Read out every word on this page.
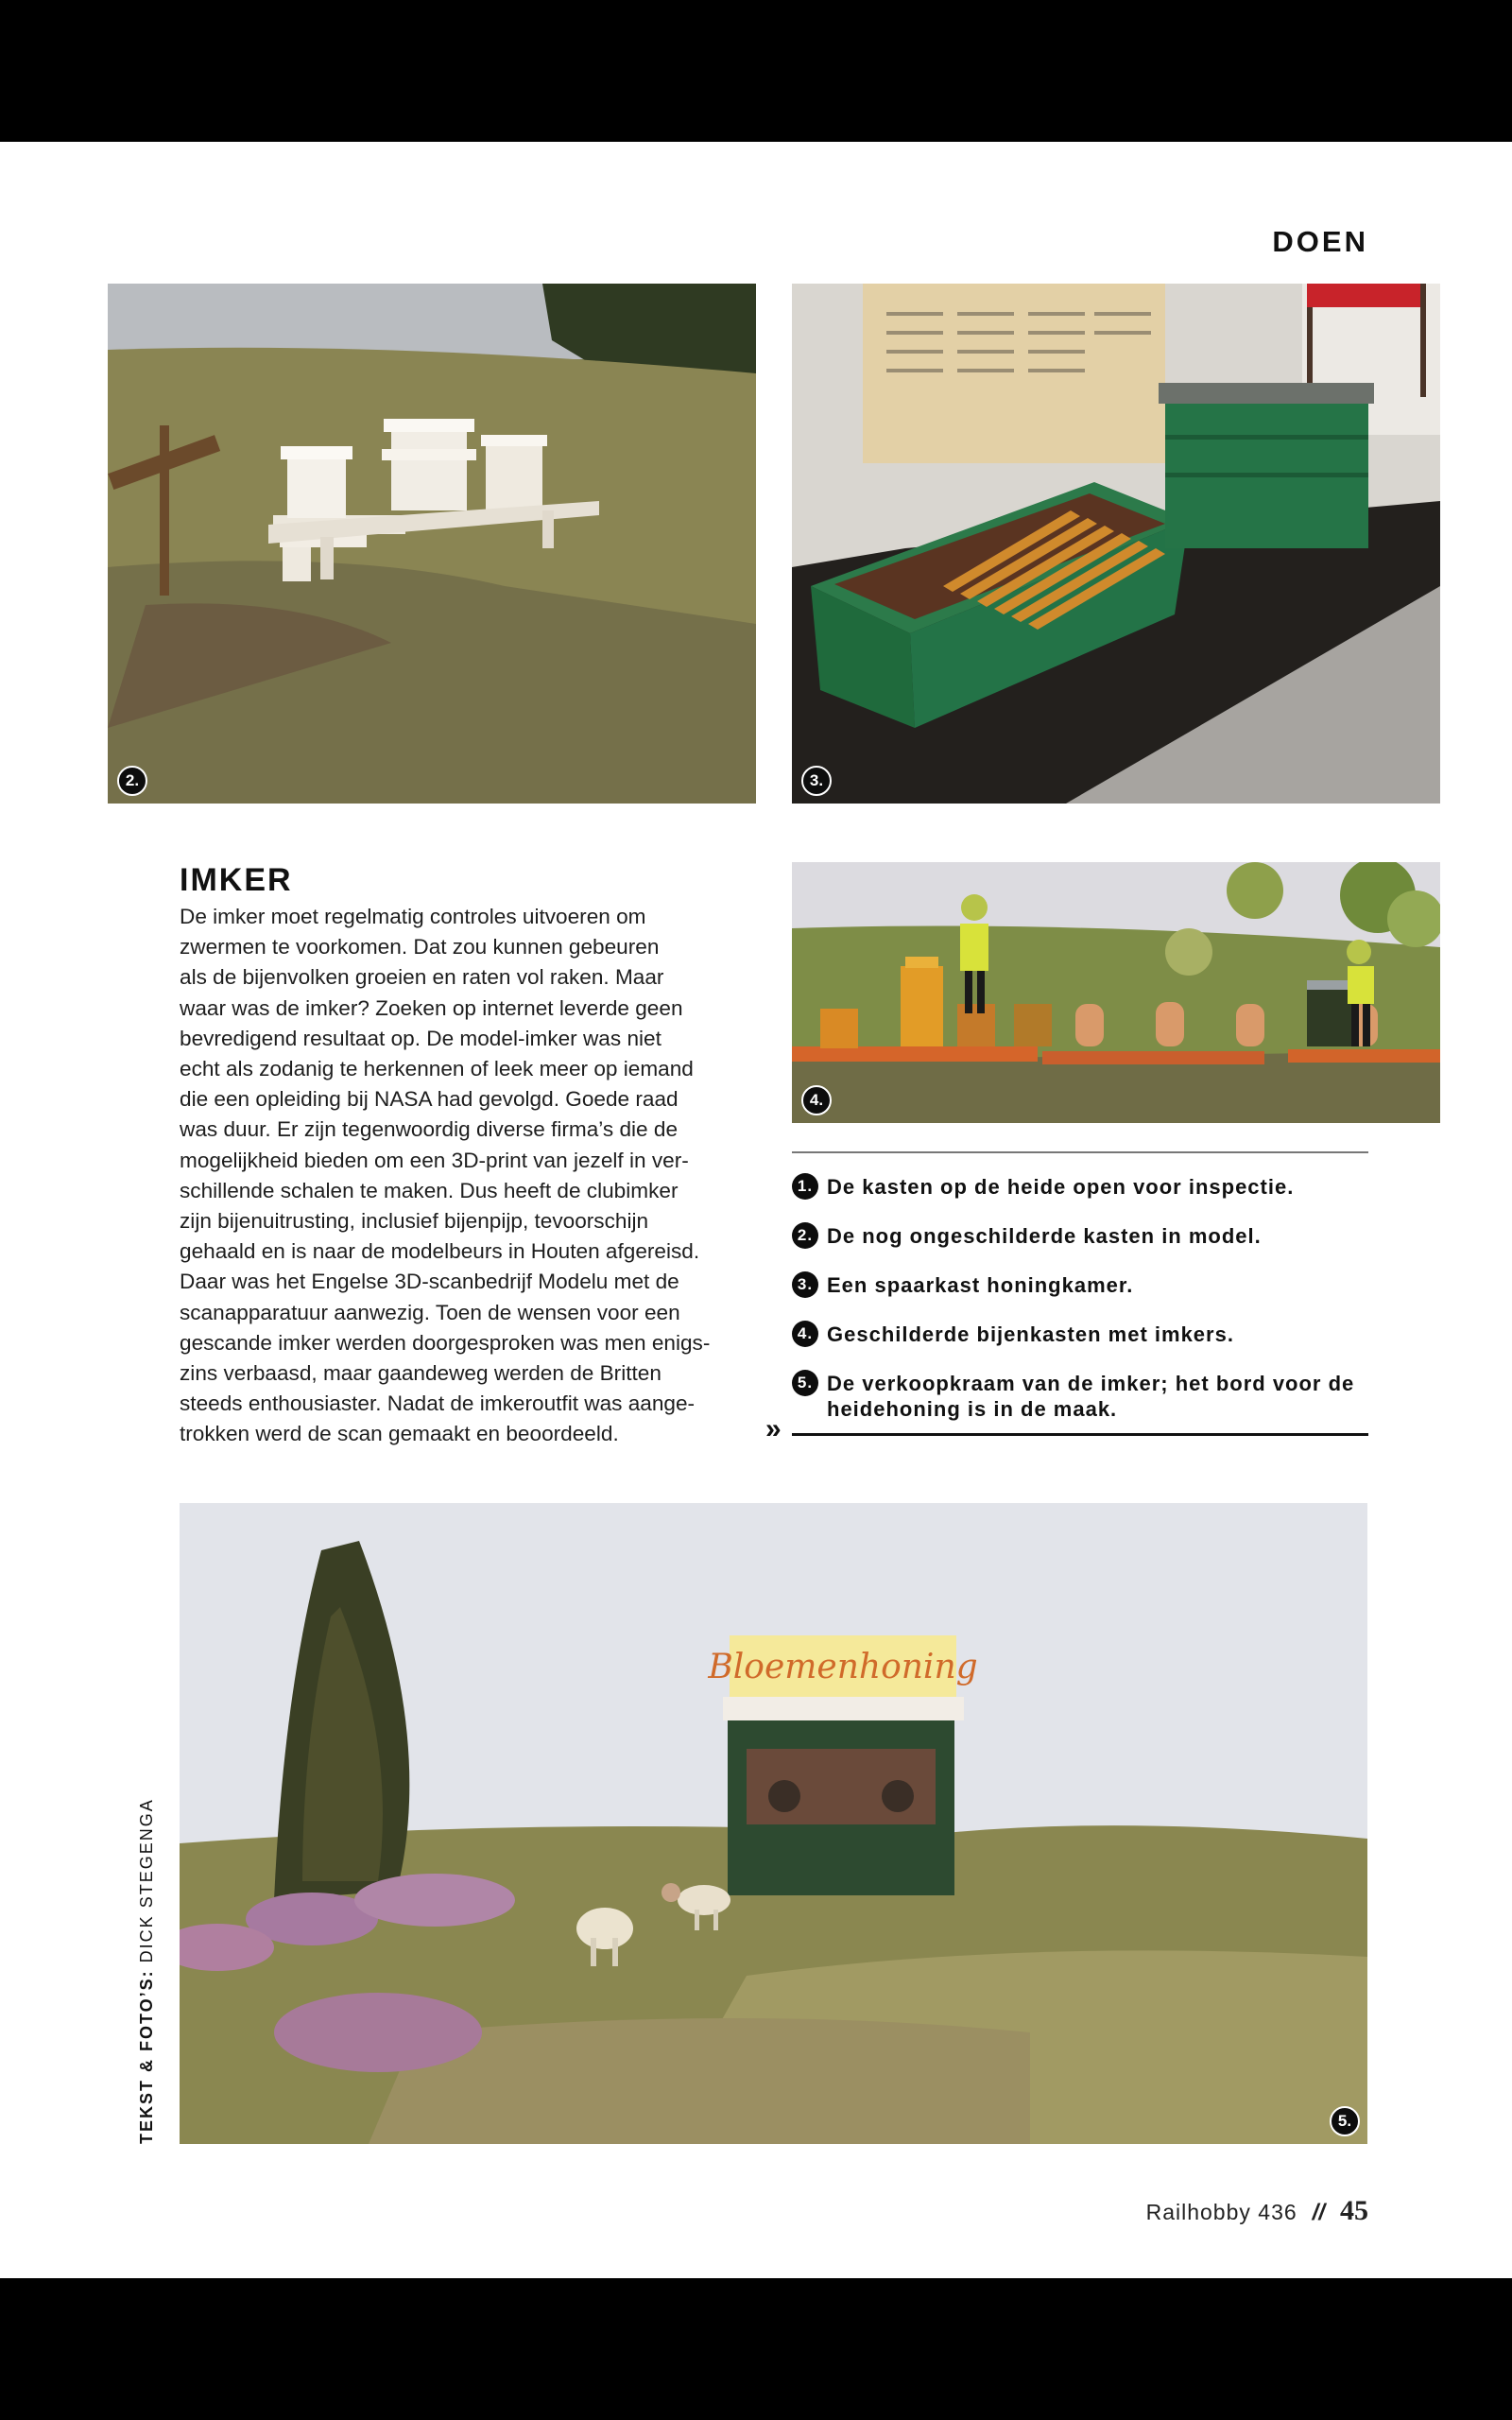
DOEN
2.	3.
IMKER
De imker moet regelmatig controles uitvoeren om
zwermen te voorkomen. Dat zou kunnen gebeuren
als de bijenvolken groeien en raten vol raken. Maar
waar was de imker? Zoeken op internet leverde geen
bevredigend resultaat op. De model-imker was niet
echt als zodanig te herkennen of leek meer op iemand
die een opleiding bij NASA had gevolgd. Goede raad
was duur. Er zijn tegenwoordig diverse firma’s die de
mogelijkheid bieden om een 3D-print van jezelf in ver-
schillende schalen te maken. Dus heeft de clubimker
zijn bijenuitrusting, inclusief bijenpijp, tevoorschijn
gehaald en is naar de modelbeurs in Houten afgereisd.
Daar was het Engelse 3D-scanbedrijf Modelu met de
scanapparatuur aanwezig. Toen de wensen voor een
gescande imker werden doorgesproken was men enigs-
zins verbaasd, maar gaandeweg werden de Britten
steeds enthousiaster. Nadat de imkeroutfit was aange-
trokken werd de scan gemaakt en beoordeeld.	»
4.
1. De kasten op de heide open voor inspectie.
2. De nog ongeschilderde kasten in model.
3. Een spaarkast honingkamer.
4. Geschilderde bijenkasten met imkers.
5. De verkoopkraam van de imker; het bord voor de heidehoning is in de maak.
Bloemenhoning
5.
TEKST & FOTO’S: DICK STEGENGA
Railhobby 436 // 45
